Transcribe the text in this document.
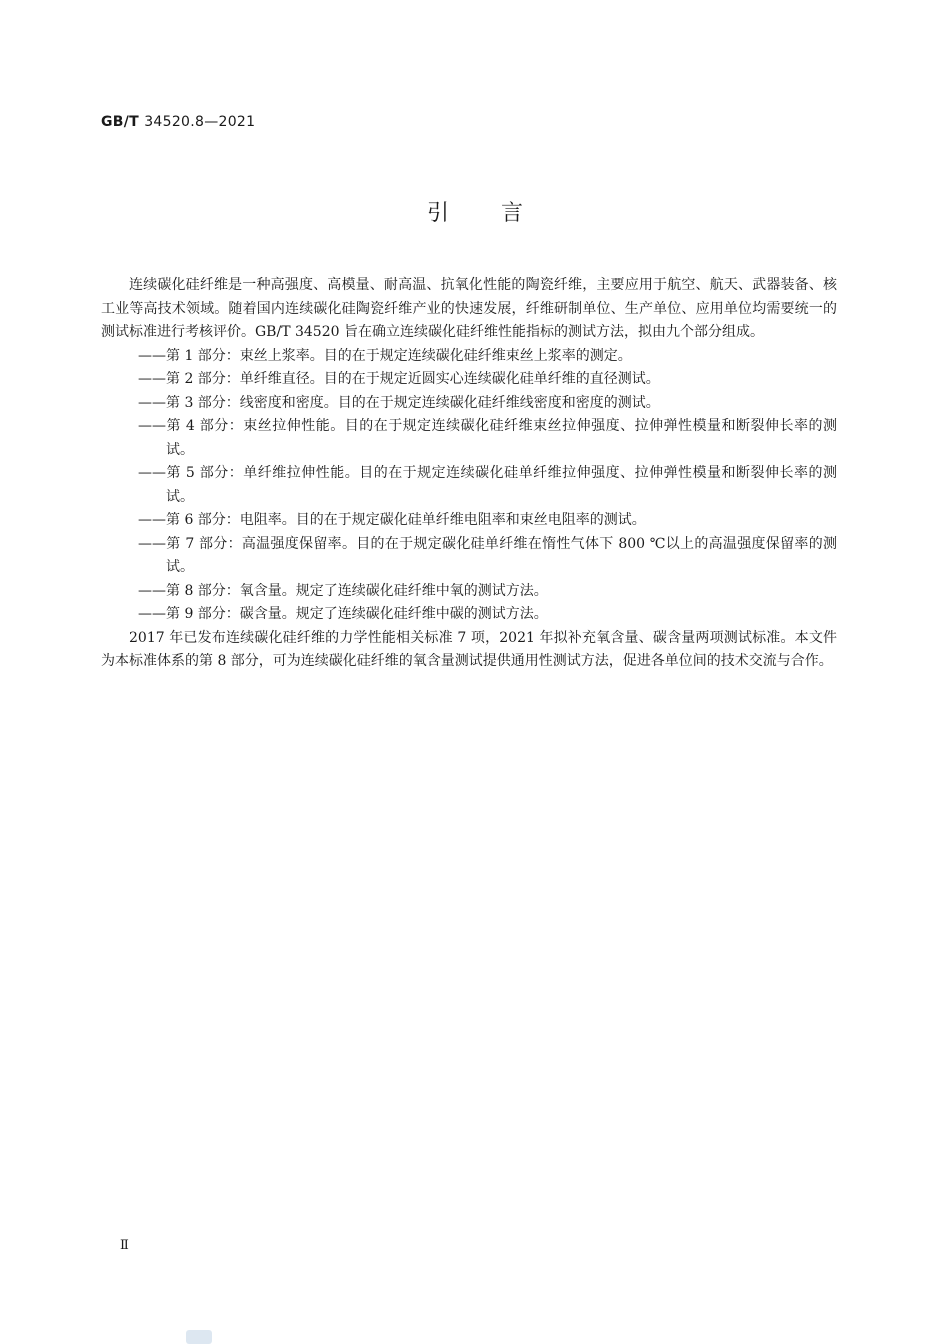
GB/T 34520.8—2021
引言

连续碳化硅纤维是一种高强度、高模量、耐高温、抗氧化性能的陶瓷纤维，主要应用于航空、航天、武器装备、核工业等高技术领域。随着国内连续碳化硅陶瓷纤维产业的快速发展，纤维研制单位、生产单位、应用单位均需要统一的测试标准进行考核评价。GB/T 34520 旨在确立连续碳化硅纤维性能指标的测试方法，拟由九个部分组成。

——第 1 部分：束丝上浆率。目的在于规定连续碳化硅纤维束丝上浆率的测定。

——第 2 部分：单纤维直径。目的在于规定近圆实心连续碳化硅单纤维的直径测试。

——第 3 部分：线密度和密度。目的在于规定连续碳化硅纤维线密度和密度的测试。

——第 4 部分：束丝拉伸性能。目的在于规定连续碳化硅纤维束丝拉伸强度、拉伸弹性模量和断裂伸长率的测试。

——第 5 部分：单纤维拉伸性能。目的在于规定连续碳化硅单纤维拉伸强度、拉伸弹性模量和断裂伸长率的测试。

——第 6 部分：电阻率。目的在于规定碳化硅单纤维电阻率和束丝电阻率的测试。

——第 7 部分：高温强度保留率。目的在于规定碳化硅单纤维在惰性气体下 800 ℃以上的高温强度保留率的测试。

——第 8 部分：氧含量。规定了连续碳化硅纤维中氧的测试方法。

——第 9 部分：碳含量。规定了连续碳化硅纤维中碳的测试方法。

2017 年已发布连续碳化硅纤维的力学性能相关标准 7 项，2021 年拟补充氧含量、碳含量两项测试标准。本文件为本标准体系的第 8 部分，可为连续碳化硅纤维的氧含量测试提供通用性测试方法，促进各单位间的技术交流与合作。

Ⅱ
